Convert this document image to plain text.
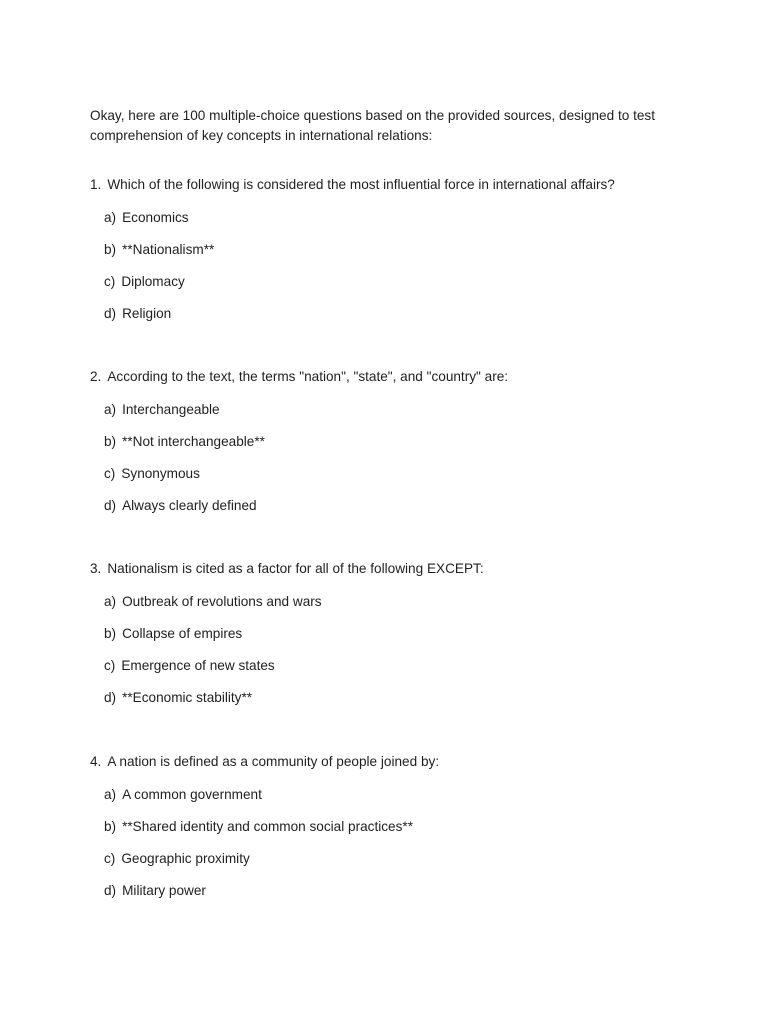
Okay, here are 100 multiple-choice questions based on the provided sources, designed to test comprehension of key concepts in international relations:

1. Which of the following is considered the most influential force in international affairs?
a) Economics
b) **Nationalism**
c) Diplomacy
d) Religion
2. According to the text, the terms "nation", "state", and "country" are:
a) Interchangeable
b) **Not interchangeable**
c) Synonymous
d) Always clearly defined
3. Nationalism is cited as a factor for all of the following EXCEPT:
a) Outbreak of revolutions and wars
b) Collapse of empires
c) Emergence of new states
d) **Economic stability**
4. A nation is defined as a community of people joined by:
a) A common government
b) **Shared identity and common social practices**
c) Geographic proximity
d) Military power
